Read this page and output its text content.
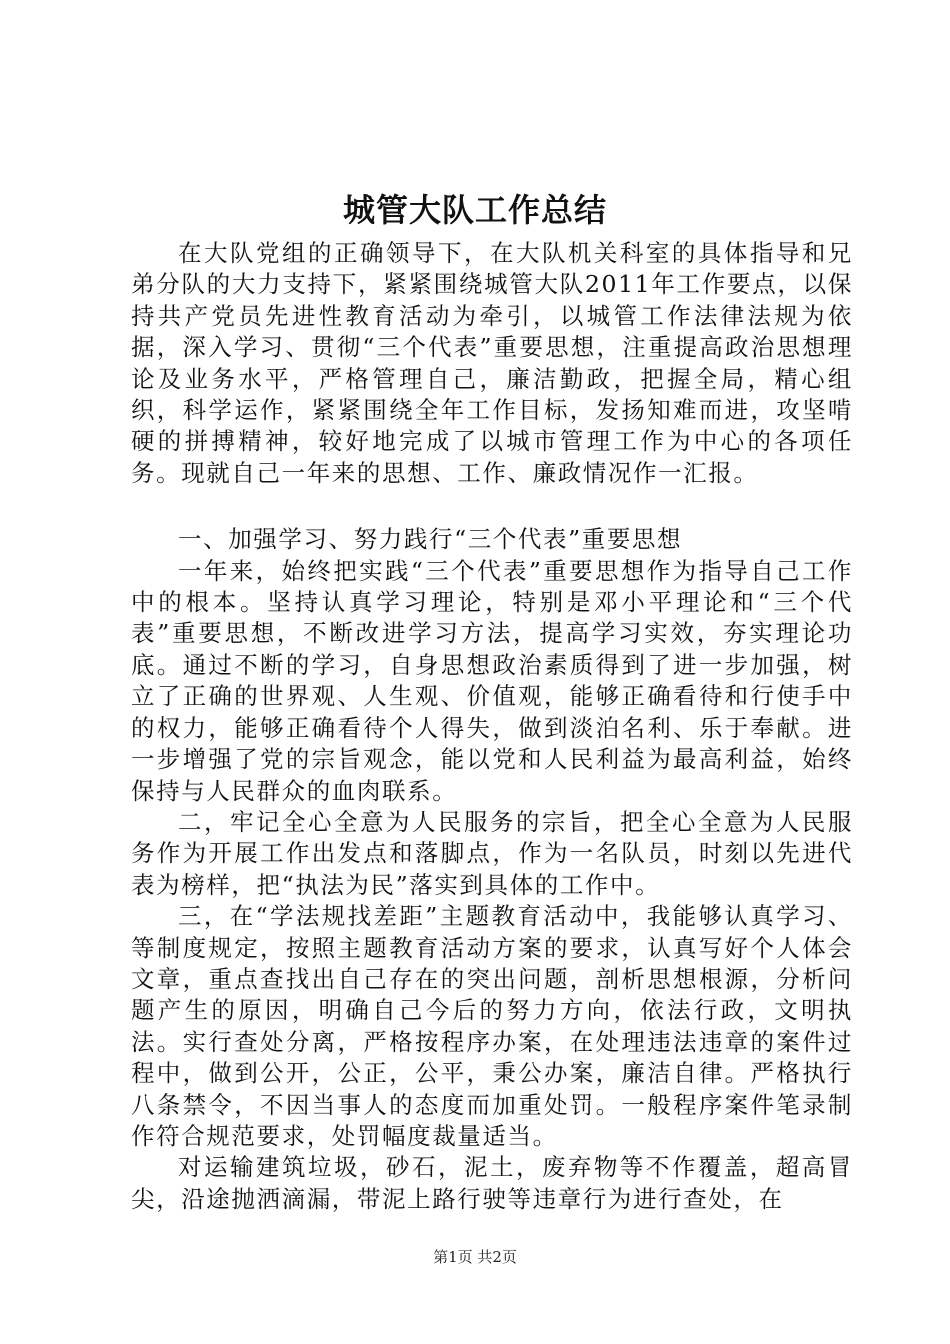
城管大队工作总结

在大队党组的正确领导下，在大队机关科室的具体指导和兄弟分队的大力支持下，紧紧围绕城管大队2011年工作要点，以保持共产党员先进性教育活动为牵引，以城管工作法律法规为依据，深入学习、贯彻“三个代表”重要思想，注重提高政治思想理论及业务水平，严格管理自己，廉洁勤政，把握全局，精心组织，科学运作，紧紧围绕全年工作目标，发扬知难而进，攻坚啃硬的拼搏精神，较好地完成了以城市管理工作为中心的各项任务。现就自己一年来的思想、工作、廉政情况作一汇报。

一、加强学习、努力践行“三个代表”重要思想

一年来，始终把实践“三个代表”重要思想作为指导自己工作中的根本。坚持认真学习理论，特别是邓小平理论和“三个代表”重要思想，不断改进学习方法，提高学习实效，夯实理论功底。通过不断的学习，自身思想政治素质得到了进一步加强，树立了正确的世界观、人生观、价值观，能够正确看待和行使手中的权力，能够正确看待个人得失，做到淡泊名利、乐于奉献。进一步增强了党的宗旨观念，能以党和人民利益为最高利益，始终保持与人民群众的血肉联系。

二，牢记全心全意为人民服务的宗旨，把全心全意为人民服务作为开展工作出发点和落脚点，作为一名队员，时刻以先进代表为榜样，把“执法为民”落实到具体的工作中。

三，在“学法规找差距”主题教育活动中，我能够认真学习、等制度规定，按照主题教育活动方案的要求，认真写好个人体会文章，重点查找出自己存在的突出问题，剖析思想根源，分析问题产生的原因，明确自己今后的努力方向，依法行政，文明执法。实行查处分离，严格按程序办案，在处理违法违章的案件过程中，做到公开，公正，公平，秉公办案，廉洁自律。严格执行八条禁令，不因当事人的态度而加重处罚。一般程序案件笔录制作符合规范要求，处罚幅度裁量适当。

对运输建筑垃圾，砂石，泥土，废弃物等不作覆盖，超高冒尖，沿途抛洒滴漏，带泥上路行驶等违章行为进行查处，在

第1页 共2页
